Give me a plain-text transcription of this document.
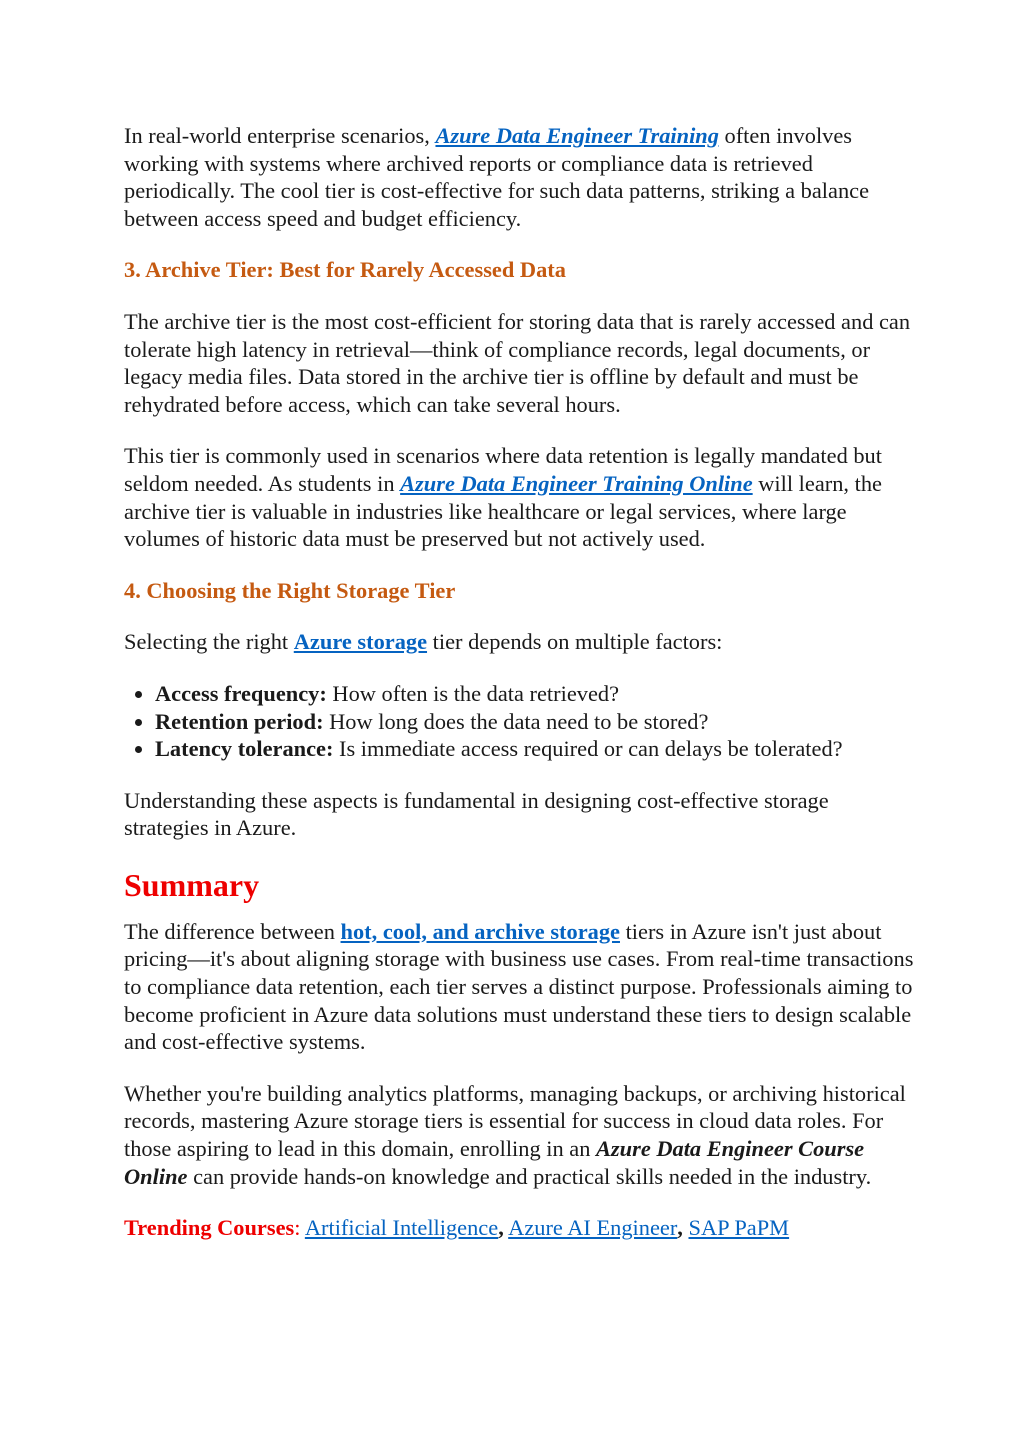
In real-world enterprise scenarios, Azure Data Engineer Training often involves working with systems where archived reports or compliance data is retrieved periodically. The cool tier is cost-effective for such data patterns, striking a balance between access speed and budget efficiency.

3. Archive Tier: Best for Rarely Accessed Data

The archive tier is the most cost-efficient for storing data that is rarely accessed and can tolerate high latency in retrieval—think of compliance records, legal documents, or legacy media files. Data stored in the archive tier is offline by default and must be rehydrated before access, which can take several hours.

This tier is commonly used in scenarios where data retention is legally mandated but seldom needed. As students in Azure Data Engineer Training Online will learn, the archive tier is valuable in industries like healthcare or legal services, where large volumes of historic data must be preserved but not actively used.

4. Choosing the Right Storage Tier

Selecting the right Azure storage tier depends on multiple factors:

• Access frequency: How often is the data retrieved?
• Retention period: How long does the data need to be stored?
• Latency tolerance: Is immediate access required or can delays be tolerated?

Understanding these aspects is fundamental in designing cost-effective storage strategies in Azure.

Summary

The difference between hot, cool, and archive storage tiers in Azure isn't just about pricing—it's about aligning storage with business use cases. From real-time transactions to compliance data retention, each tier serves a distinct purpose. Professionals aiming to become proficient in Azure data solutions must understand these tiers to design scalable and cost-effective systems.

Whether you're building analytics platforms, managing backups, or archiving historical records, mastering Azure storage tiers is essential for success in cloud data roles. For those aspiring to lead in this domain, enrolling in an Azure Data Engineer Course Online can provide hands-on knowledge and practical skills needed in the industry.

Trending Courses: Artificial Intelligence, Azure AI Engineer, SAP PaPM
